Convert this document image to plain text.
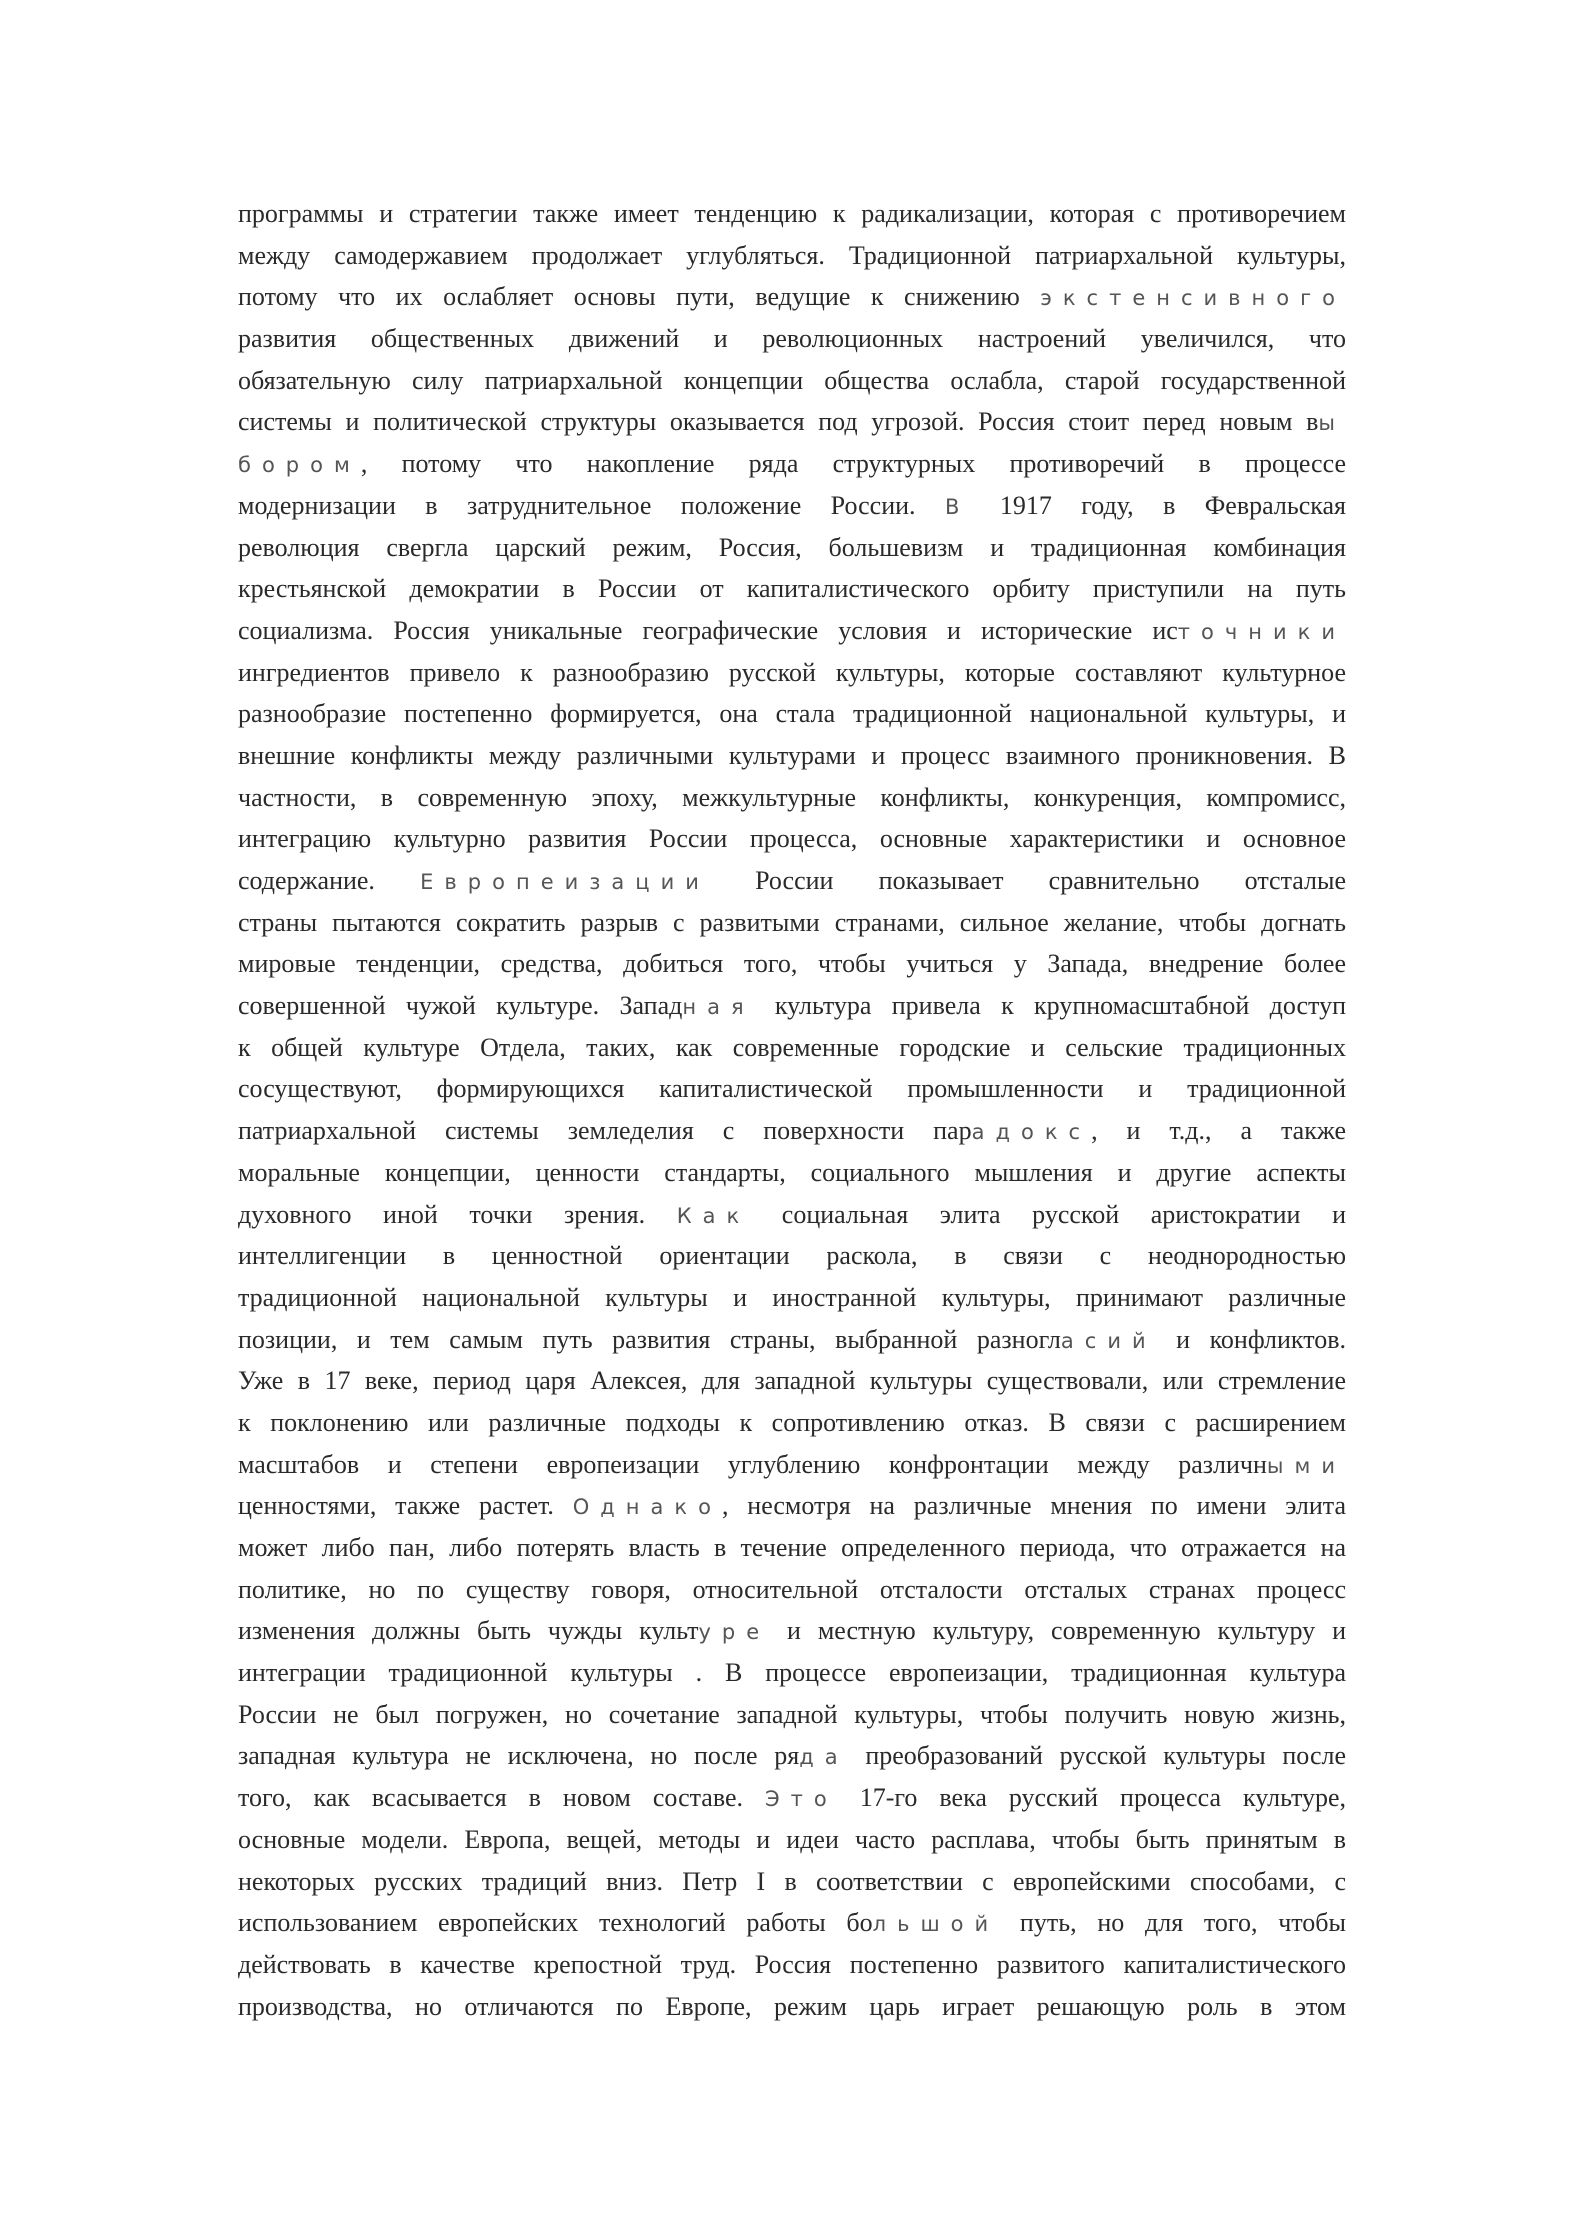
программы и стратегии также имеет тенденцию к радикализации, которая с противоречием
между самодержавием продолжает углубляться. Традиционной патриархальной культуры,
потому что их ослабляет основы пути, ведущие к снижению экстенсивного
развития общественных движений и революционных настроений увеличился, что
обязательную силу патриархальной концепции общества ослабла, старой государственной
системы и политической структуры оказывается под угрозой. Россия стоит перед новым вы
бором, потому что накопление ряда структурных противоречий в процессе
модернизации в затруднительное положение России. В 1917 году, в Февральская
революция свергла царский режим, Россия, большевизм и традиционная комбинация
крестьянской демократии в России от капиталистического орбиту приступили на путь
социализма. Россия уникальные географические условия и исторические источники
ингредиентов привело к разнообразию русской культуры, которые составляют культурное
разнообразие постепенно формируется, она стала традиционной национальной культуры, и
внешние конфликты между различными культурами и процесс взаимного проникновения. В
частности, в современную эпоху, межкультурные конфликты, конкуренция, компромисс,
интеграцию культурно развития России процесса, основные характеристики и основное
содержание. Европеизации России показывает сравнительно отсталые
страны пытаются сократить разрыв с развитыми странами, сильное желание, чтобы догнать
мировые тенденции, средства, добиться того, чтобы учиться у Запада, внедрение более
совершенной чужой культуре. Западная культура привела к крупномасштабной доступ
к общей культуре Отдела, таких, как современные городские и сельские традиционных
сосуществуют, формирующихся капиталистической промышленности и традиционной
патриархальной системы земледелия с поверхности парадокс, и т.д., а также
моральные концепции, ценности стандарты, социального мышления и другие аспекты
духовного иной точки зрения. Как социальная элита русской аристократии и
интеллигенции в ценностной ориентации раскола, в связи с неоднородностью
традиционной национальной культуры и иностранной культуры, принимают различные
позиции, и тем самым путь развития страны, выбранной разногласий и конфликтов.
Уже в 17 веке, период царя Алексея, для западной культуры существовали, или стремление
к поклонению или различные подходы к сопротивлению отказ. В связи с расширением
масштабов и степени европеизации углублению конфронтации между различными
ценностями, также растет. Однако, несмотря на различные мнения по имени элита
может либо пан, либо потерять власть в течение определенного периода, что отражается на
политике, но по существу говоря, относительной отсталости отсталых странах процесс
изменения должны быть чужды культуре и местную культуру, современную культуру и
интеграции традиционной культуры . В процессе европеизации, традиционная культура
России не был погружен, но сочетание западной культуры, чтобы получить новую жизнь,
западная культура не исключена, но после ряда преобразований русской культуры после
того, как всасывается в новом составе. Это 17-го века русский процесса культуре,
основные модели. Европа, вещей, методы и идеи часто расплава, чтобы быть принятым в
некоторых русских традиций вниз. Петр I в соответствии с европейскими способами, с
использованием европейских технологий работы большой путь, но для того, чтобы
действовать в качестве крепостной труд. Россия постепенно развитого капиталистического
производства, но отличаются по Европе, режим царь играет решающую роль в этом
